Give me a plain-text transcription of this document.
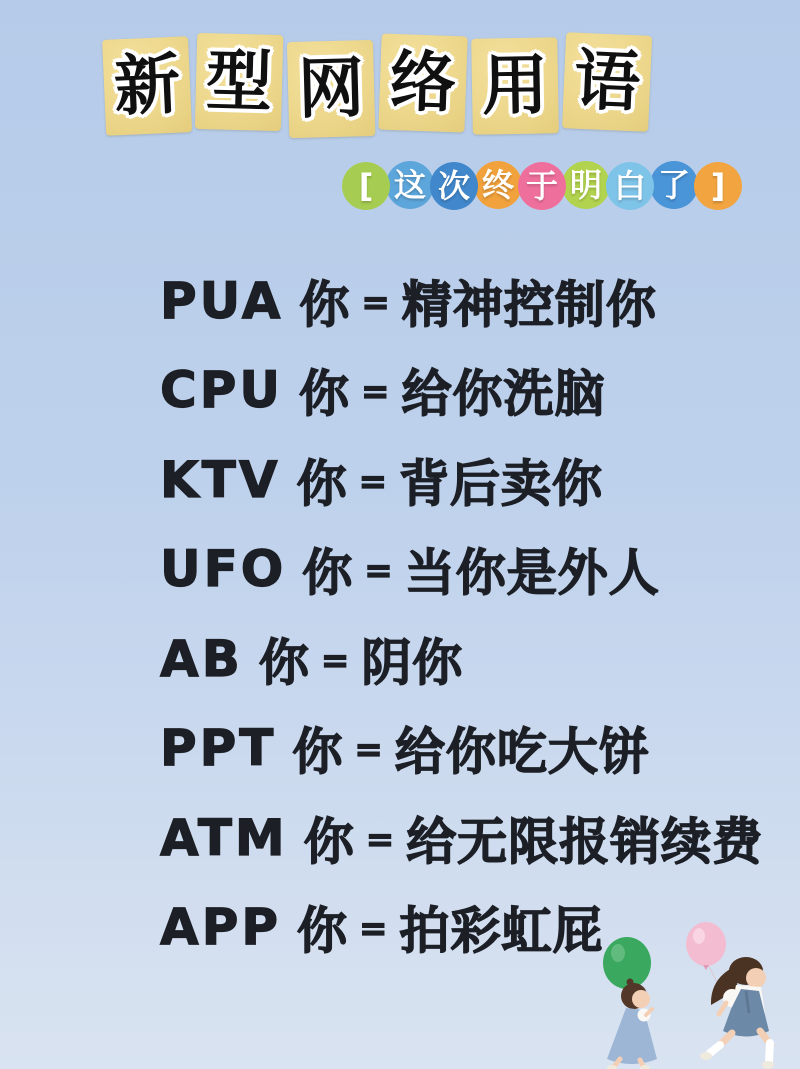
新 型 网 络 用 语
[ 这 次 终 于 明 白 了 ]
PUA 你 = 精神控制你
CPU 你 = 给你洗脑
KTV 你 = 背后卖你
UFO 你 = 当你是外人
AB 你 = 阴你
PPT 你 = 给你吃大饼
ATM 你 = 给无限报销续费
APP 你 = 拍彩虹屁
